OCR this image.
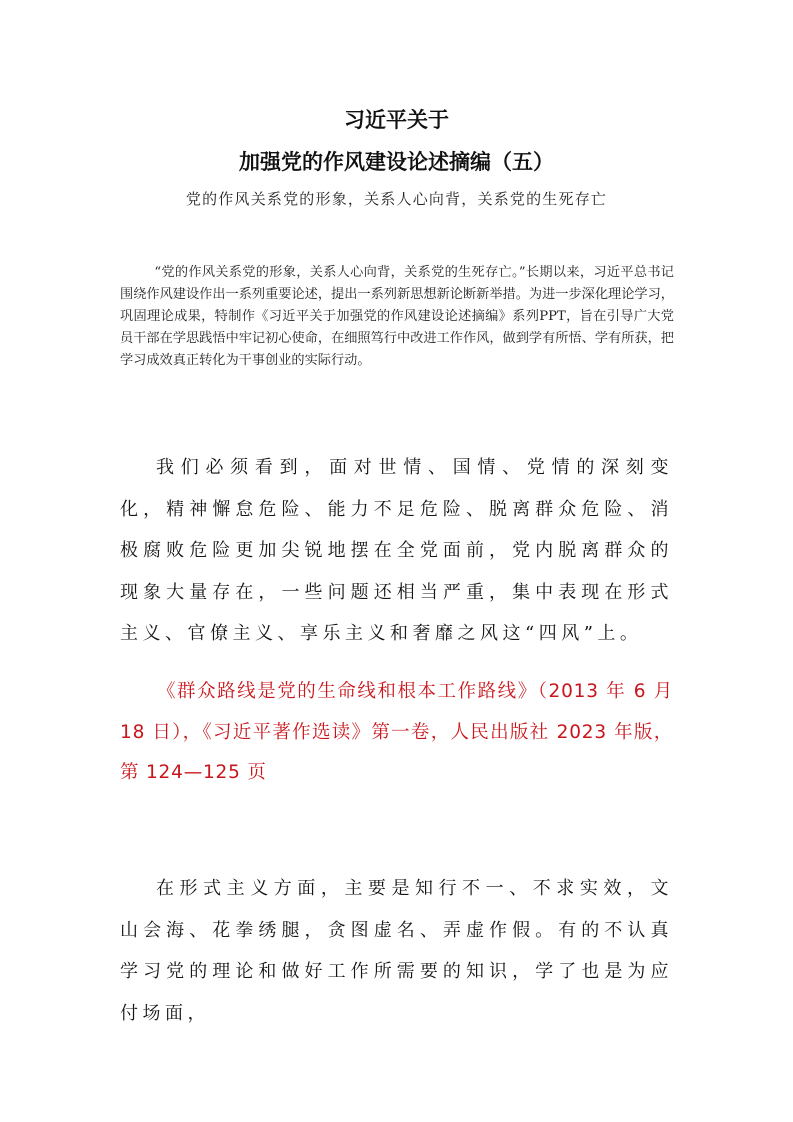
习近平关于
加强党的作风建设论述摘编（五）

党的作风关系党的形象，关系人心向背，关系党的生死存亡

“党的作风关系党的形象，关系人心向背，关系党的生死存亡。”长期以来，习近平总书记围绕作风建设作出一系列重要论述，提出一系列新思想新论断新举措。为进一步深化理论学习，巩固理论成果，特制作《习近平关于加强党的作风建设论述摘编》系列PPT，旨在引导广大党员干部在学思践悟中牢记初心使命，在细照笃行中改进工作作风，做到学有所悟、学有所获，把学习成效真正转化为干事创业的实际行动。

我们必须看到，面对世情、国情、党情的深刻变化，精神懈怠危险、能力不足危险、脱离群众危险、消极腐败危险更加尖锐地摆在全党面前，党内脱离群众的现象大量存在，一些问题还相当严重，集中表现在形式主义、官僚主义、享乐主义和奢靡之风这“四风”上。

《群众路线是党的生命线和根本工作路线》（2013 年 6 月 18 日），《习近平著作选读》第一卷，人民出版社 2023 年版，第 124—125 页

在形式主义方面，主要是知行不一、不求实效，文山会海、花拳绣腿，贪图虚名、弄虚作假。有的不认真学习党的理论和做好工作所需要的知识，学了也是为应付场面，
